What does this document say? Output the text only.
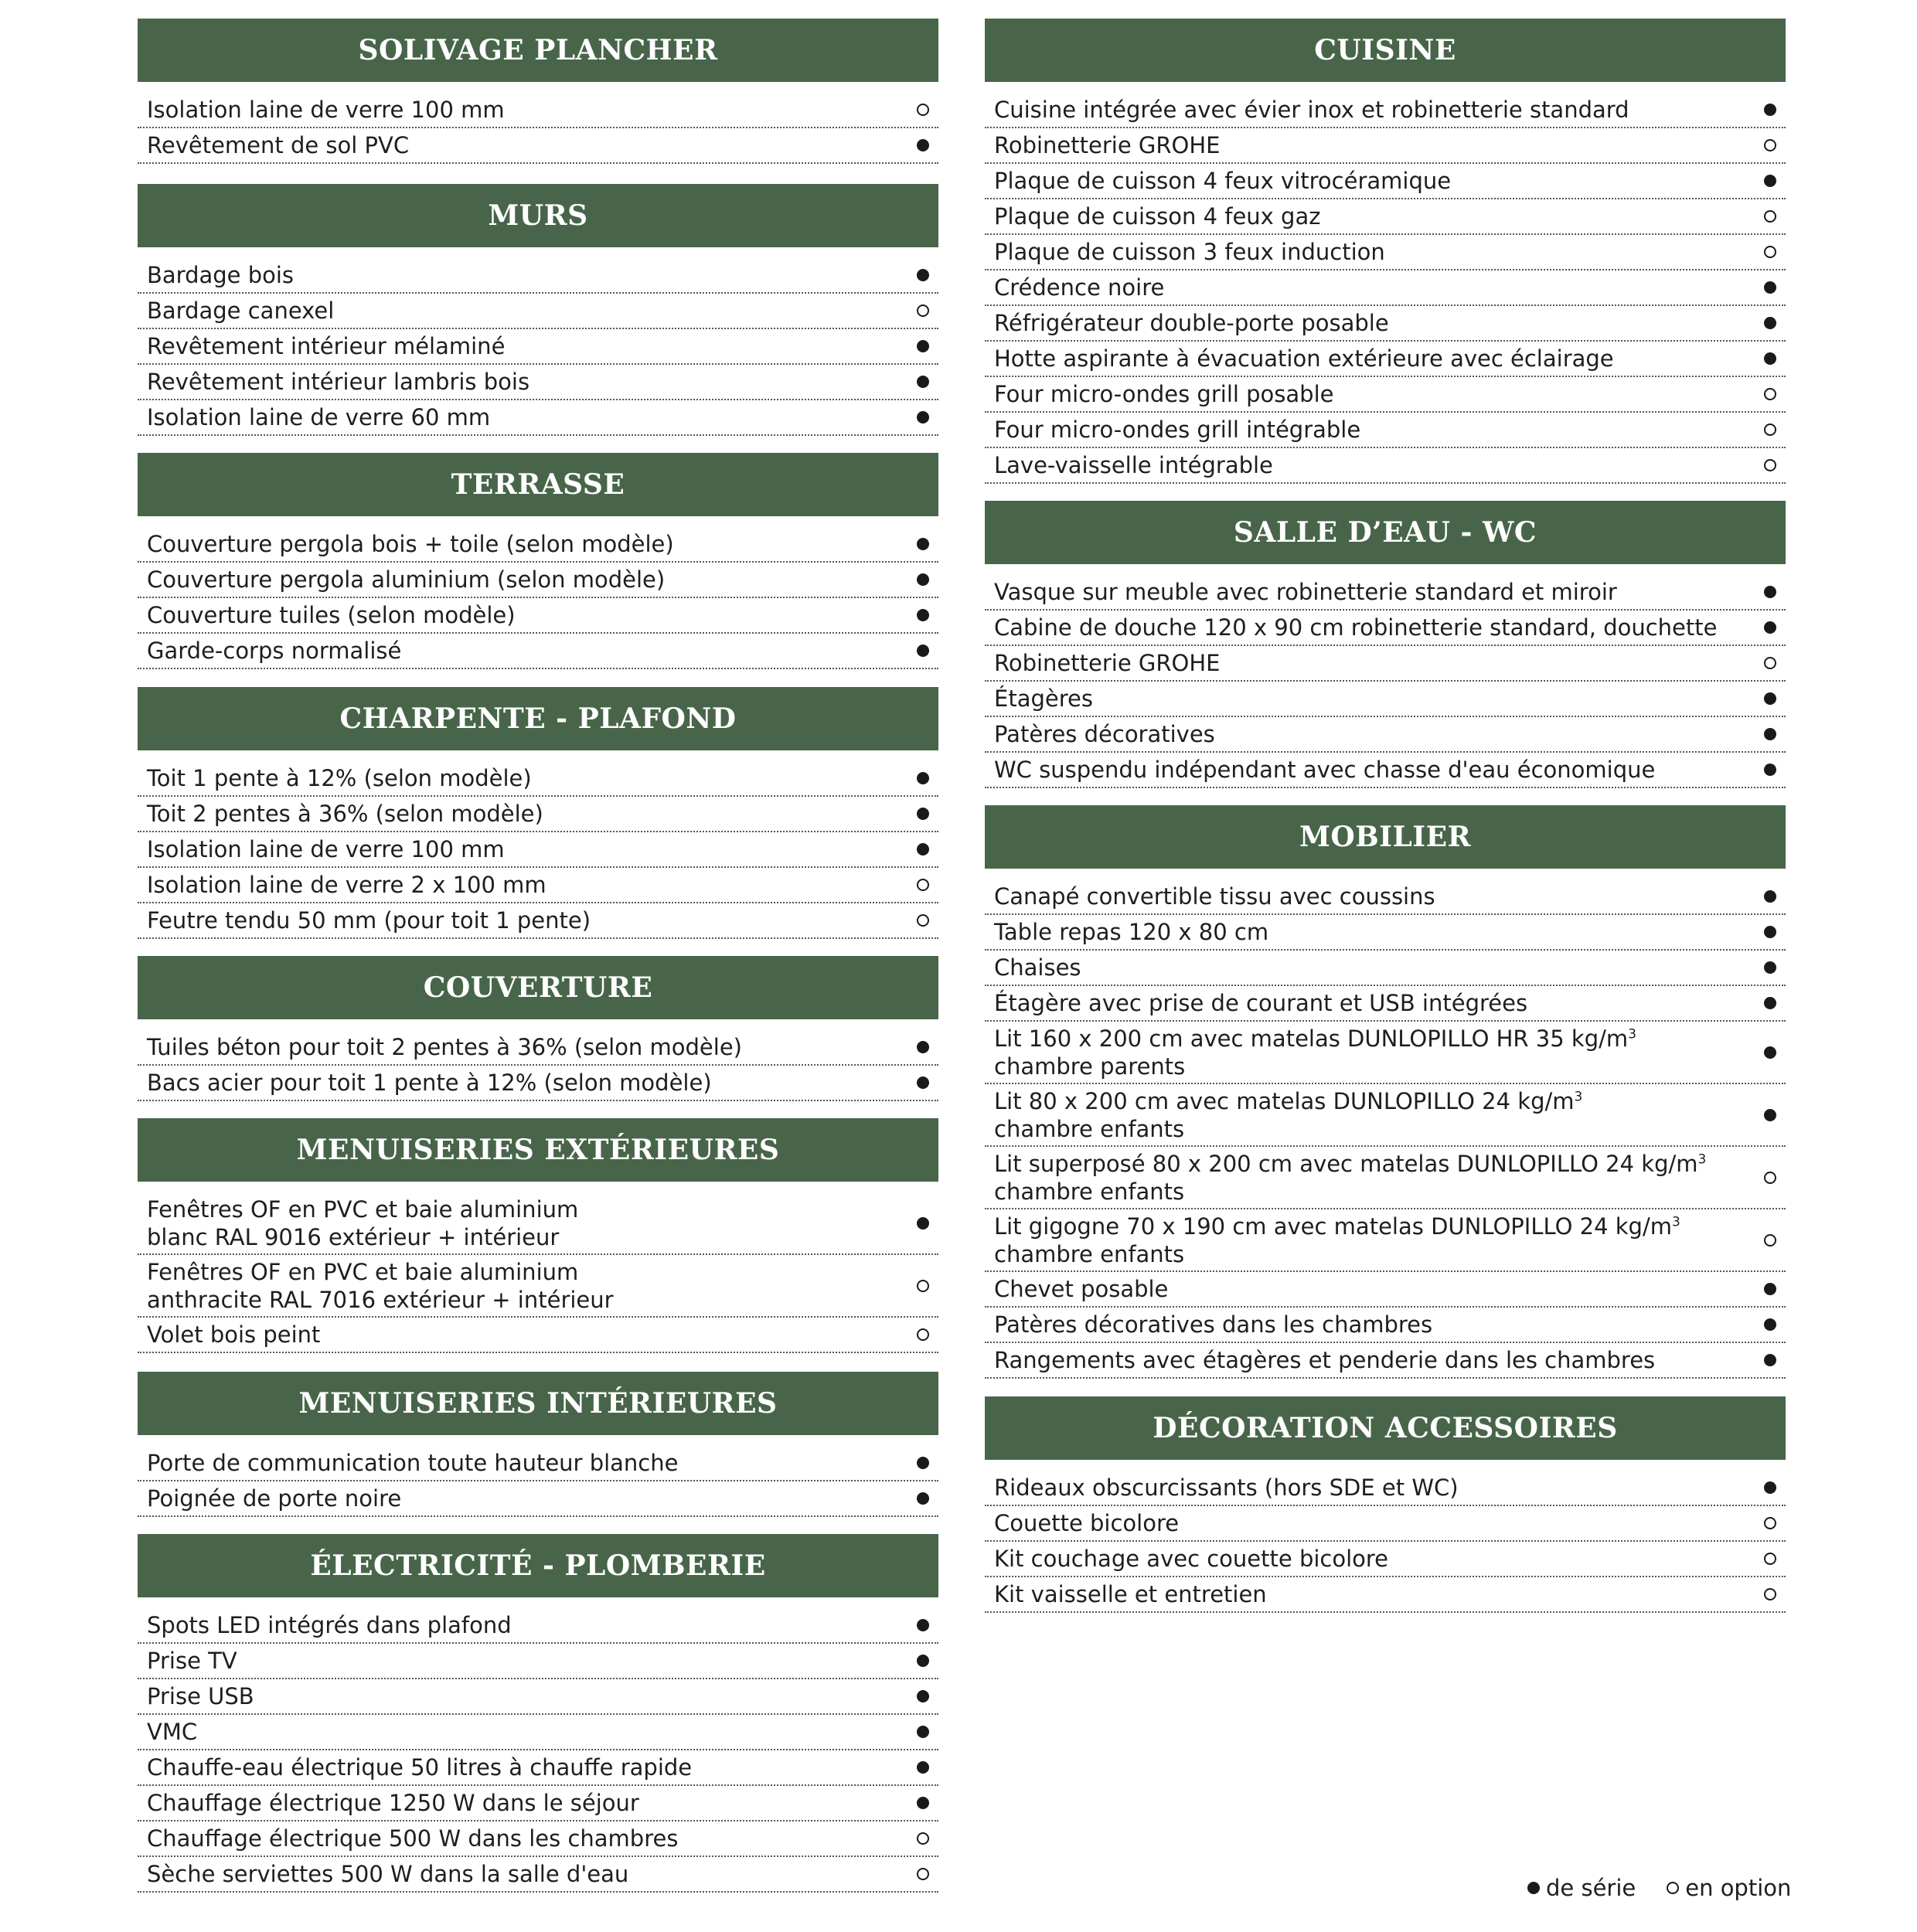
SOLIVAGE PLANCHER
Isolation laine de verre 100 mm
Revêtement de sol PVC
MURS
Bardage bois
Bardage canexel
Revêtement intérieur mélaminé
Revêtement intérieur lambris bois
Isolation laine de verre 60 mm
TERRASSE
Couverture pergola bois + toile (selon modèle)
Couverture pergola aluminium (selon modèle)
Couverture tuiles (selon modèle)
Garde-corps normalisé
CHARPENTE - PLAFOND
Toit 1 pente à 12% (selon modèle)
Toit 2 pentes à 36% (selon modèle)
Isolation laine de verre 100 mm
Isolation laine de verre 2 x 100 mm
Feutre tendu 50 mm (pour toit 1 pente)
COUVERTURE
Tuiles béton pour toit 2 pentes à 36% (selon modèle)
Bacs acier pour toit 1 pente à 12% (selon modèle)
MENUISERIES EXTÉRIEURES
Fenêtres OF en PVC et baie aluminium
blanc RAL 9016 extérieur + intérieur
Fenêtres OF en PVC et baie aluminium
anthracite RAL 7016 extérieur + intérieur
Volet bois peint
MENUISERIES INTÉRIEURES
Porte de communication toute hauteur blanche
Poignée de porte noire
ÉLECTRICITÉ - PLOMBERIE
Spots LED intégrés dans plafond
Prise TV
Prise USB
VMC
Chauffe-eau électrique 50 litres à chauffe rapide
Chauffage électrique 1250 W dans le séjour
Chauffage électrique 500 W dans les chambres
Sèche serviettes 500 W dans la salle d'eau
CUISINE
Cuisine intégrée avec évier inox et robinetterie standard
Robinetterie GROHE
Plaque de cuisson 4 feux vitrocéramique
Plaque de cuisson 4 feux gaz
Plaque de cuisson 3 feux induction
Crédence noire
Réfrigérateur double-porte posable
Hotte aspirante à évacuation extérieure avec éclairage
Four micro-ondes grill posable
Four micro-ondes grill intégrable
Lave-vaisselle intégrable
SALLE D’EAU - WC
Vasque sur meuble avec robinetterie standard et miroir
Cabine de douche 120 x 90 cm robinetterie standard, douchette
Robinetterie GROHE
Étagères
Patères décoratives
WC suspendu indépendant avec chasse d'eau économique
MOBILIER
Canapé convertible tissu avec coussins
Table repas 120 x 80 cm
Chaises
Étagère avec prise de courant et USB intégrées
Lit 160 x 200 cm avec matelas DUNLOPILLO HR 35 $kg/m^3$
chambre parents
Lit 80 x 200 cm avec matelas DUNLOPILLO 24 $kg/m^3$
chambre enfants
Lit superposé 80 x 200 cm avec matelas DUNLOPILLO 24 $kg/m^3$
chambre enfants
Lit gigogne 70 x 190 cm avec matelas DUNLOPILLO 24 $kg/m^3$
chambre enfants
Chevet posable
Patères décoratives dans les chambres
Rangements avec étagères et penderie dans les chambres
DÉCORATION ACCESSOIRES
Rideaux obscurcissants (hors SDE et WC)
Couette bicolore
Kit couchage avec couette bicolore
Kit vaisselle et entretien
de série en option
